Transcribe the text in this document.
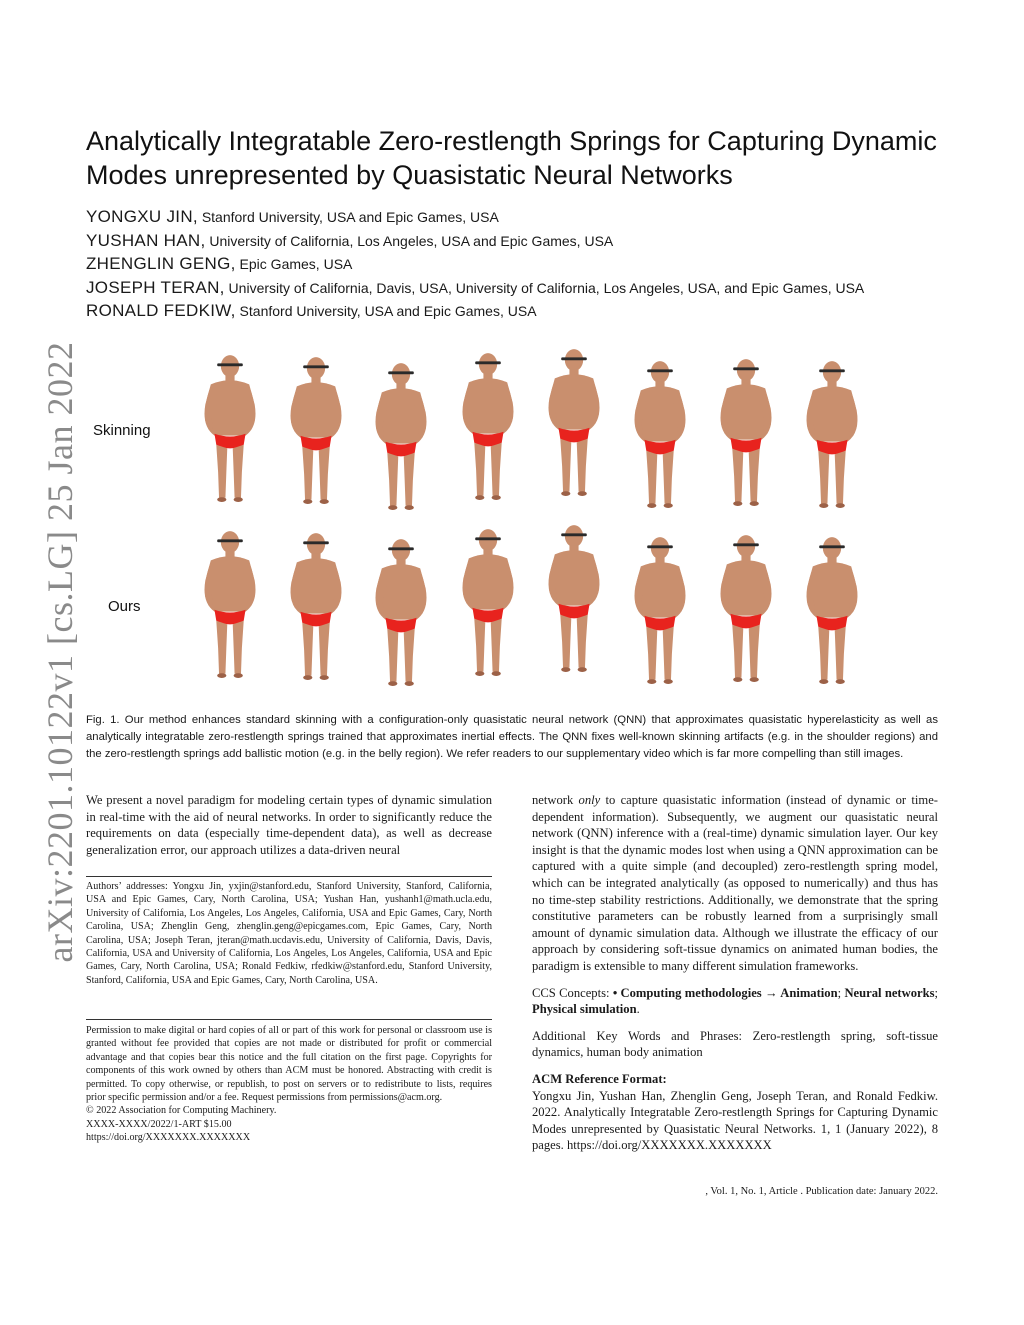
arXiv:2201.10122v1 [cs.LG] 25 Jan 2022
Analytically Integratable Zero-restlength Springs for Capturing Dynamic Modes unrepresented by Quasistatic Neural Networks
YONGXU JIN, Stanford University, USA and Epic Games, USA
YUSHAN HAN, University of California, Los Angeles, USA and Epic Games, USA
ZHENGLIN GENG, Epic Games, USA
JOSEPH TERAN, University of California, Davis, USA, University of California, Los Angeles, USA, and Epic Games, USA
RONALD FEDKIW, Stanford University, USA and Epic Games, USA
Skinning
Ours

Fig. 1. Our method enhances standard skinning with a configuration-only quasistatic neural network (QNN) that approximates quasistatic hyperelasticity as well as analytically integratable zero-restlength springs trained that approximates inertial effects. The QNN fixes well-known skinning artifacts (e.g. in the shoulder regions) and the zero-restlength springs add ballistic motion (e.g. in the belly region). We refer readers to our supplementary video which is far more compelling than still images.

We present a novel paradigm for modeling certain types of dynamic simulation in real-time with the aid of neural networks. In order to significantly reduce the requirements on data (especially time-dependent data), as well as decrease generalization error, our approach utilizes a data-driven neural

Authors’ addresses: Yongxu Jin, yxjin@stanford.edu, Stanford University, Stanford, California, USA and Epic Games, Cary, North Carolina, USA; Yushan Han, yushanh1@math.ucla.edu, University of California, Los Angeles, Los Angeles, California, USA and Epic Games, Cary, North Carolina, USA; Zhenglin Geng, zhenglin.geng@epicgames.com, Epic Games, Cary, North Carolina, USA; Joseph Teran, jteran@math.ucdavis.edu, University of California, Davis, Davis, California, USA and University of California, Los Angeles, Los Angeles, California, USA and Epic Games, Cary, North Carolina, USA; Ronald Fedkiw, rfedkiw@stanford.edu, Stanford University, Stanford, California, USA and Epic Games, Cary, North Carolina, USA.

Permission to make digital or hard copies of all or part of this work for personal or classroom use is granted without fee provided that copies are not made or distributed for profit or commercial advantage and that copies bear this notice and the full citation on the first page. Copyrights for components of this work owned by others than ACM must be honored. Abstracting with credit is permitted. To copy otherwise, or republish, to post on servers or to redistribute to lists, requires prior specific permission and/or a fee. Request permissions from permissions@acm.org.

© 2022 Association for Computing Machinery.

XXXX-XXXX/2022/1-ART $15.00

https://doi.org/XXXXXXX.XXXXXXX

network only to capture quasistatic information (instead of dynamic or time-dependent information). Subsequently, we augment our quasistatic neural network (QNN) inference with a (real-time) dynamic simulation layer. Our key insight is that the dynamic modes lost when using a QNN approximation can be captured with a quite simple (and decoupled) zero-restlength spring model, which can be integrated analytically (as opposed to numerically) and thus has no time-step stability restrictions. Additionally, we demonstrate that the spring constitutive parameters can be robustly learned from a surprisingly small amount of dynamic simulation data. Although we illustrate the efficacy of our approach by considering soft-tissue dynamics on animated human bodies, the paradigm is extensible to many different simulation frameworks.

CCS Concepts: • Computing methodologies → Animation; Neural networks; Physical simulation.

Additional Key Words and Phrases: Zero-restlength spring, soft-tissue dynamics, human body animation

ACM Reference Format:

Yongxu Jin, Yushan Han, Zhenglin Geng, Joseph Teran, and Ronald Fedkiw. 2022. Analytically Integratable Zero-restlength Springs for Capturing Dynamic Modes unrepresented by Quasistatic Neural Networks. 1, 1 (January 2022), 8 pages. https://doi.org/XXXXXXX.XXXXXXX

, Vol. 1, No. 1, Article . Publication date: January 2022.
